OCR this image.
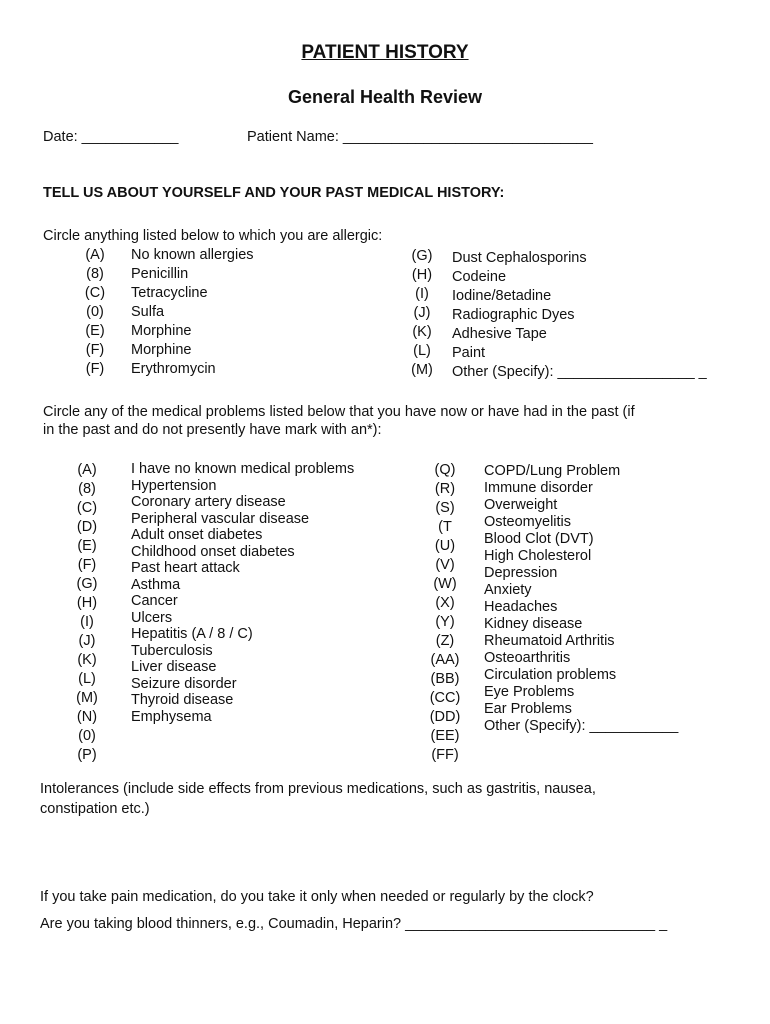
PATIENT HISTORY
General Health Review
Date: ____________	Patient Name: _______________________________
TELL US ABOUT YOURSELF AND YOUR PAST MEDICAL HISTORY:
Circle anything listed below to which you are allergic:
(A)
(8)
(C)
(0)
(E)
(F)
(F)
No known allergies
Penicillin
Tetracycline
Sulfa
Morphine
Morphine
Erythromycin
(G)
(H)
(I)
(J)
(K)
(L)
(M)
Dust Cephalosporins
Codeine
Iodine/8etadine
Radiographic Dyes
Adhesive Tape
Paint
Other (Specify): _________________ _
Circle any of the medical problems listed below that you have now or have had in the past (if
in the past and do not presently have mark with an*):
(A)
(8)
(C)
(D)
(E)
(F)
(G)
(H)
(I)
(J)
(K)
(L)
(M)
(N)
(0)
(P)
I have no known medical problems
Hypertension
Coronary artery disease
Peripheral vascular disease
Adult onset diabetes
Childhood onset diabetes
Past heart attack
Asthma
Cancer
Ulcers
Hepatitis (A / 8 / C)
Tuberculosis
Liver disease
Seizure disorder
Thyroid disease
Emphysema
(Q)
(R)
(S)
(T
(U)
(V)
(W)
(X)
(Y)
(Z)
(AA)
(BB)
(CC)
(DD)
(EE)
(FF)
COPD/Lung Problem
Immune disorder
Overweight
Osteomyelitis
Blood Clot (DVT)
High Cholesterol
Depression
Anxiety
Headaches
Kidney disease
Rheumatoid Arthritis
Osteoarthritis
Circulation problems
Eye Problems
Ear Problems
Other (Specify): ___________
Intolerances (include side effects from previous medications, such as gastritis, nausea,
constipation etc.)
If you take pain medication, do you take it only when needed or regularly by the clock?
Are you taking blood thinners, e.g., Coumadin, Heparin? _______________________________ _
